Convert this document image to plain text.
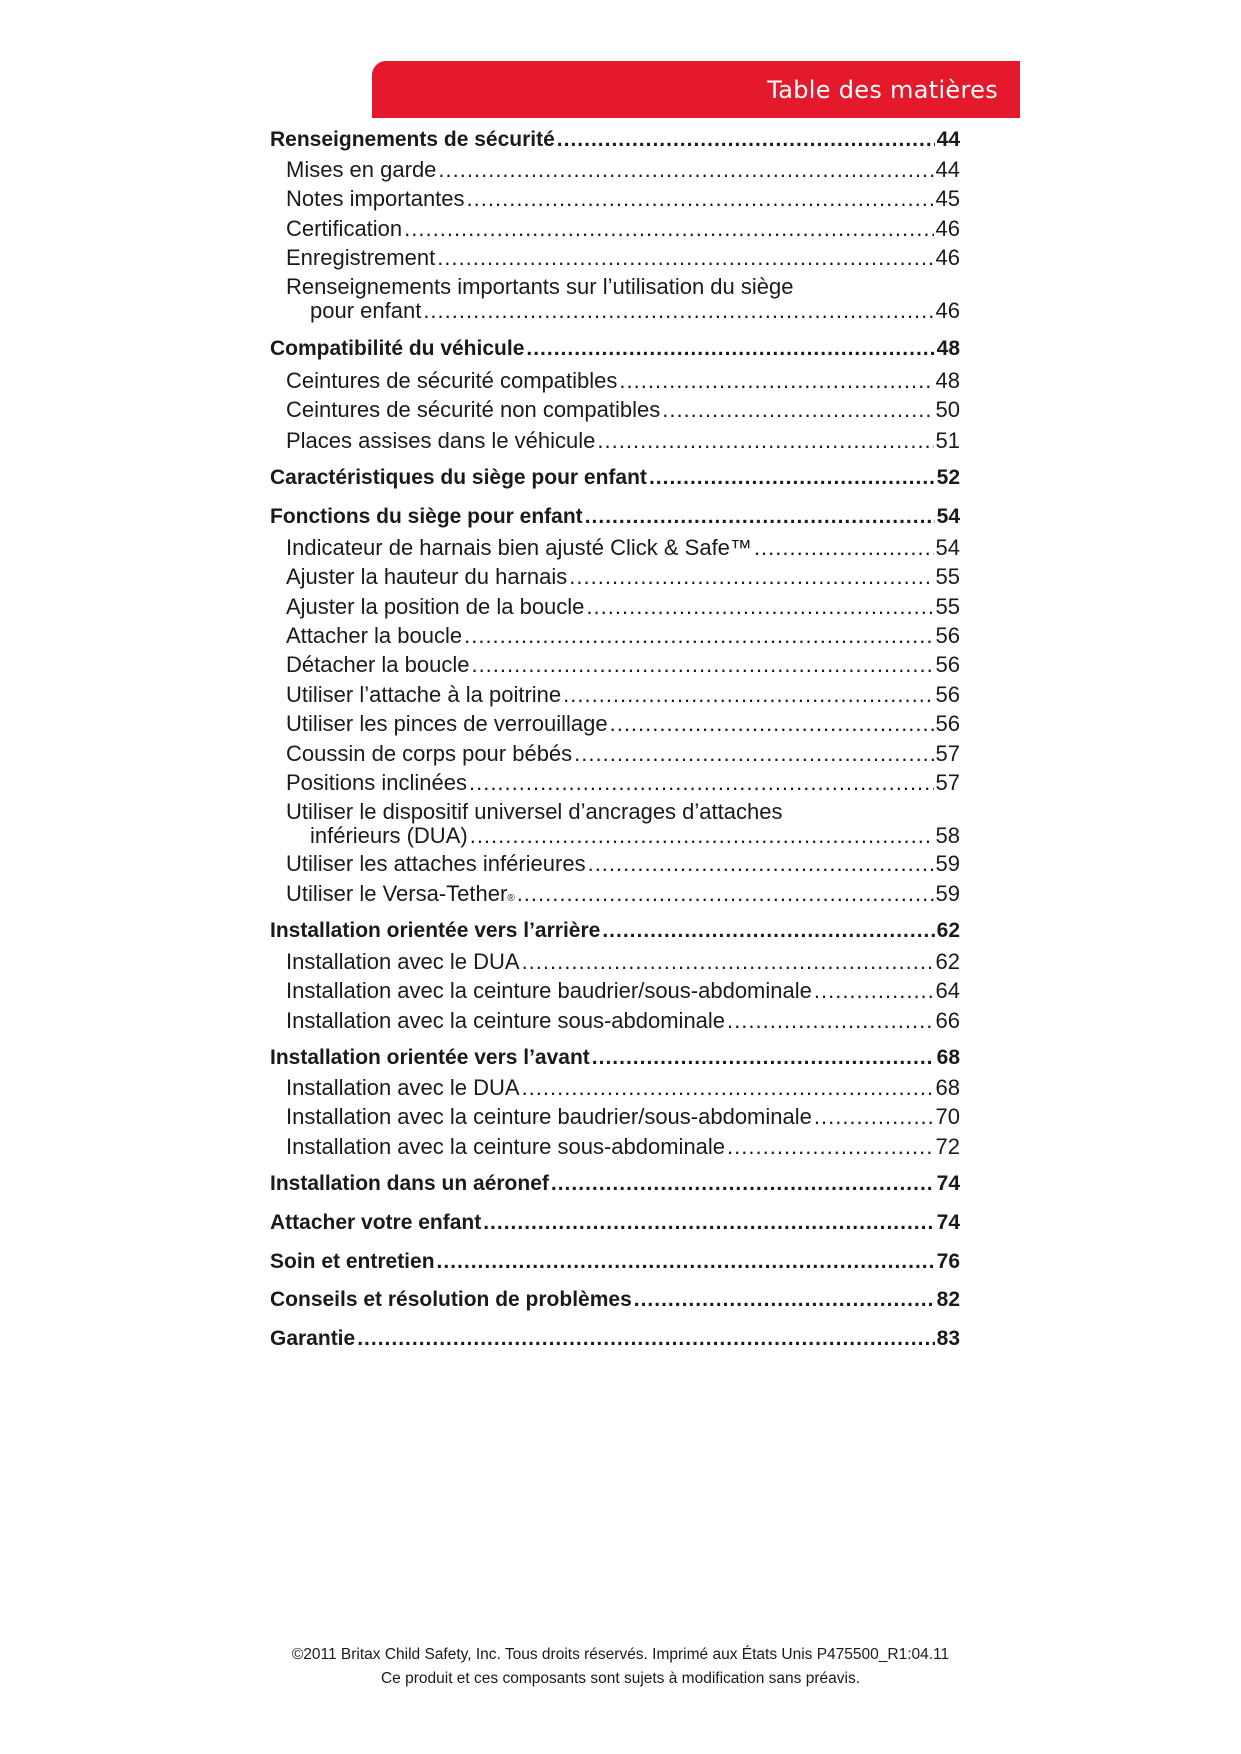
Table des matières
Renseignements de sécurité .....	44
Mises en garde .....	44
Notes importantes .....	45
Certification .....	46
Enregistrement .....	46
Renseignements importants sur l’utilisation du siège
pour enfant .....	46
Compatibilité du véhicule .....	48
Ceintures de sécurité compatibles .....	48
Ceintures de sécurité non compatibles .....	50
Places assises dans le véhicule .....	51
Caractéristiques du siège pour enfant .....	52
Fonctions du siège pour enfant .....	54
Indicateur de harnais bien ajusté Click & Safe™ .....	54
Ajuster la hauteur du harnais .....	55
Ajuster la position de la boucle .....	55
Attacher la boucle .....	56
Détacher la boucle .....	56
Utiliser l’attache à la poitrine .....	56
Utiliser les pinces de verrouillage .....	56
Coussin de corps pour bébés .....	57
Positions inclinées .....	57
Utiliser le dispositif universel d’ancrages d’attaches
inférieurs (DUA) .....	58
Utiliser les attaches inférieures .....	59
Utiliser le Versa-Tether$_®$ .....	59
Installation orientée vers l’arrière .....	62
Installation avec le DUA .....	62
Installation avec la ceinture baudrier/sous-abdominale .....	64
Installation avec la ceinture sous-abdominale .....	66
Installation orientée vers l’avant .....	68
Installation avec le DUA .....	68
Installation avec la ceinture baudrier/sous-abdominale .....	70
Installation avec la ceinture sous-abdominale .....	72
Installation dans un aéronef .....	74
Attacher votre enfant .....	74
Soin et entretien .....	76
Conseils et résolution de problèmes .....	82
Garantie .....	83
©2011 Britax Child Safety, Inc. Tous droits réservés. Imprimé aux États Unis P475500_R1:04.11
Ce produit et ces composants sont sujets à modification sans préavis.
